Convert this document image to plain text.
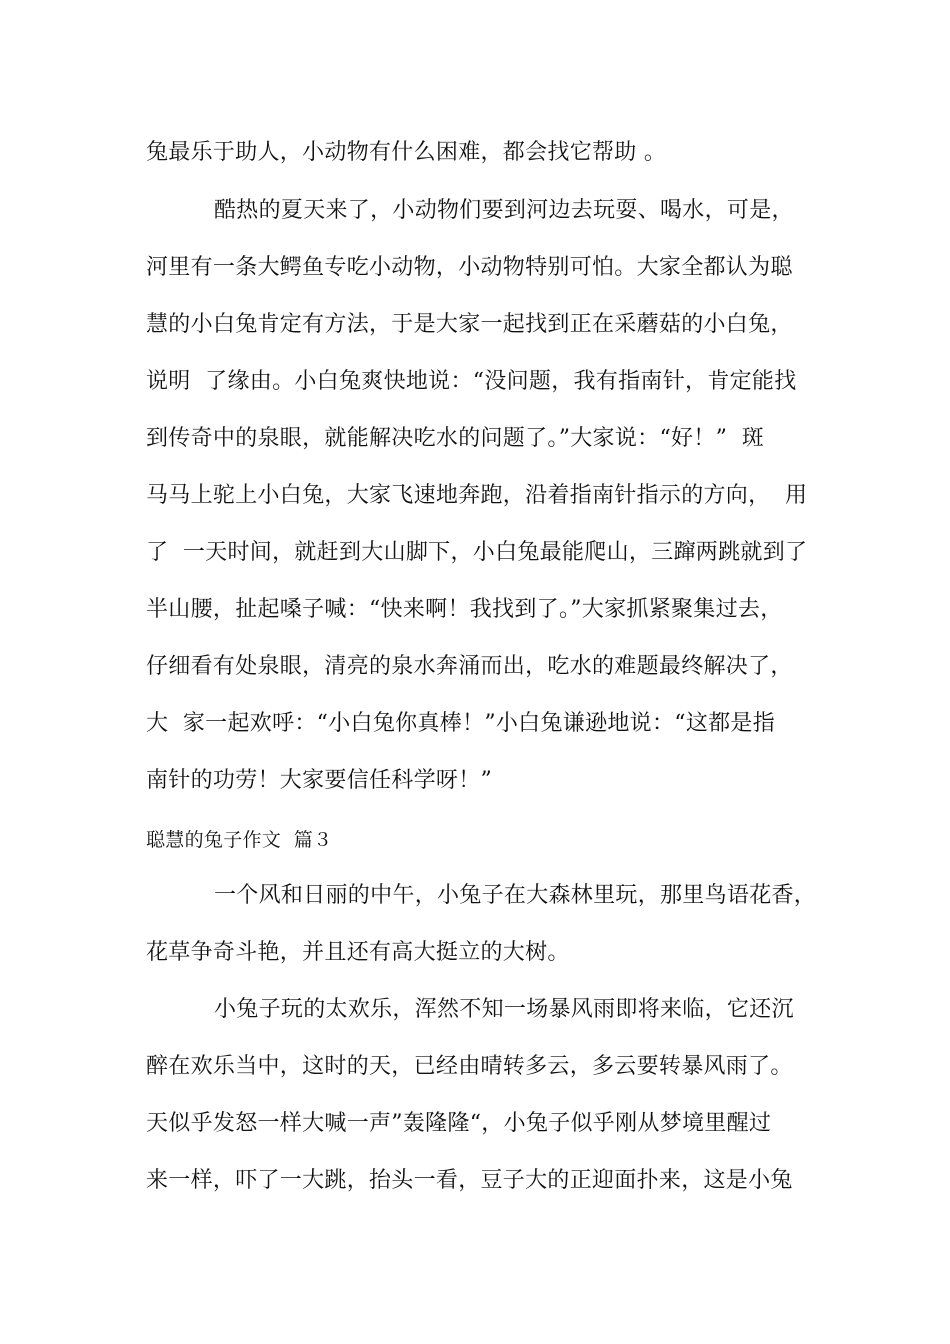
兔最乐于助人，小动物有什么困难，都会找它帮助 。
酷热的夏天来了，小动物们要到河边去玩耍、喝水，可是，
河里有一条大鳄鱼专吃小动物，小动物特别可怕。大家全都认为聪
慧的小白兔肯定有方法，于是大家一起找到正在采蘑菇的小白兔，
说明  了缘由。小白兔爽快地说：“没问题，我有指南针，肯定能找
到传奇中的泉眼，就能解决吃水的问题了。”大家说：“好！”  斑
马马上驼上小白兔，大家飞速地奔跑，沿着指南针指示的方向，  用
了  一天时间，就赶到大山脚下，小白兔最能爬山，三蹿两跳就到了
半山腰，扯起嗓子喊：“快来啊！我找到了。”大家抓紧聚集过去，
仔细看有处泉眼，清亮的泉水奔涌而出，吃水的难题最终解决了，
大  家一起欢呼：“小白兔你真棒！”小白兔谦逊地说：“这都是指
南针的功劳！大家要信任科学呀！”
聪慧的兔子作文  篇３
一个风和日丽的中午，小兔子在大森林里玩，那里鸟语花香，
花草争奇斗艳，并且还有高大挺立的大树。
小兔子玩的太欢乐，浑然不知一场暴风雨即将来临，它还沉
醉在欢乐当中，这时的天，已经由晴转多云，多云要转暴风雨了。
天似乎发怒一样大喊一声”轰隆隆“，小兔子似乎刚从梦境里醒过
来一样，吓了一大跳，抬头一看，豆子大的正迎面扑来，这是小兔
